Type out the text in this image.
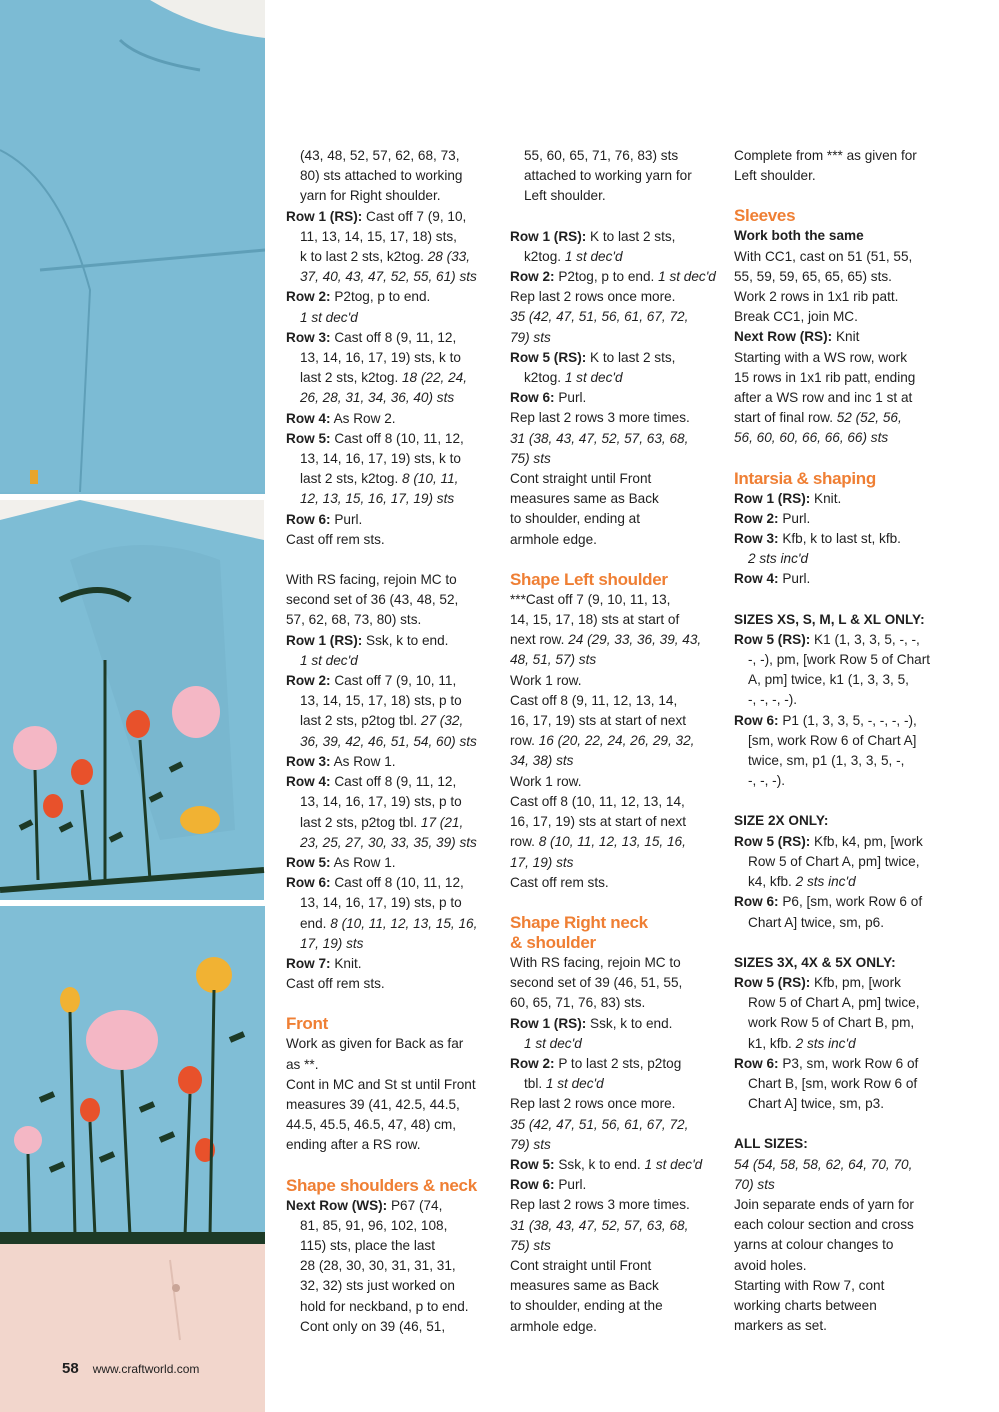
(43, 48, 52, 57, 62, 68, 73,

80) sts attached to working

yarn for Right shoulder.

Row 1 (RS): Cast off 7 (9, 10,

11, 13, 14, 15, 17, 18) sts,

k to last 2 sts, k2tog. 28 (33,

37, 40, 43, 47, 52, 55, 61) sts

Row 2: P2tog, p to end.

1 st dec'd

Row 3: Cast off 8 (9, 11, 12,

13, 14, 16, 17, 19) sts, k to

last 2 sts, k2tog. 18 (22, 24,

26, 28, 31, 34, 36, 40) sts

Row 4: As Row 2.

Row 5: Cast off 8 (10, 11, 12,

13, 14, 16, 17, 19) sts, k to

last 2 sts, k2tog. 8 (10, 11,

12, 13, 15, 16, 17, 19) sts

Row 6: Purl.

Cast off rem sts.

With RS facing, rejoin MC to

second set of 36 (43, 48, 52,

57, 62, 68, 73, 80) sts.

Row 1 (RS): Ssk, k to end.

1 st dec'd

Row 2: Cast off 7 (9, 10, 11,

13, 14, 15, 17, 18) sts, p to

last 2 sts, p2tog tbl. 27 (32,

36, 39, 42, 46, 51, 54, 60) sts

Row 3: As Row 1.

Row 4: Cast off 8 (9, 11, 12,

13, 14, 16, 17, 19) sts, p to

last 2 sts, p2tog tbl. 17 (21,

23, 25, 27, 30, 33, 35, 39) sts

Row 5: As Row 1.

Row 6: Cast off 8 (10, 11, 12,

13, 14, 16, 17, 19) sts, p to

end. 8 (10, 11, 12, 13, 15, 16,

17, 19) sts

Row 7: Knit.

Cast off rem sts.

Front

Work as given for Back as far

as **.

Cont in MC and St st until Front

measures 39 (41, 42.5, 44.5,

44.5, 45.5, 46.5, 47, 48) cm,

ending after a RS row.

Shape shoulders & neck

Next Row (WS): P67 (74,

81, 85, 91, 96, 102, 108,

115) sts, place the last

28 (28, 30, 30, 31, 31, 31,

32, 32) sts just worked on

hold for neckband, p to end.

Cont only on 39 (46, 51,

55, 60, 65, 71, 76, 83) sts

attached to working yarn for

Left shoulder.

Row 1 (RS): K to last 2 sts,

k2tog. 1 st dec'd

Row 2: P2tog, p to end. 1 st dec'd

Rep last 2 rows once more.

35 (42, 47, 51, 56, 61, 67, 72,

79) sts

Row 5 (RS): K to last 2 sts,

k2tog. 1 st dec'd

Row 6: Purl.

Rep last 2 rows 3 more times.

31 (38, 43, 47, 52, 57, 63, 68,

75) sts

Cont straight until Front

measures same as Back

to shoulder, ending at

armhole edge.

Shape Left shoulder

***Cast off 7 (9, 10, 11, 13,

14, 15, 17, 18) sts at start of

next row. 24 (29, 33, 36, 39, 43,

48, 51, 57) sts

Work 1 row.

Cast off 8 (9, 11, 12, 13, 14,

16, 17, 19) sts at start of next

row. 16 (20, 22, 24, 26, 29, 32,

34, 38) sts

Work 1 row.

Cast off 8 (10, 11, 12, 13, 14,

16, 17, 19) sts at start of next

row. 8 (10, 11, 12, 13, 15, 16,

17, 19) sts

Cast off rem sts.

Shape Right neck

& shoulder

With RS facing, rejoin MC to

second set of 39 (46, 51, 55,

60, 65, 71, 76, 83) sts.

Row 1 (RS): Ssk, k to end.

1 st dec'd

Row 2: P to last 2 sts, p2tog

tbl. 1 st dec'd

Rep last 2 rows once more.

35 (42, 47, 51, 56, 61, 67, 72,

79) sts

Row 5: Ssk, k to end. 1 st dec'd

Row 6: Purl.

Rep last 2 rows 3 more times.

31 (38, 43, 47, 52, 57, 63, 68,

75) sts

Cont straight until Front

measures same as Back

to shoulder, ending at the

armhole edge.

Complete from *** as given for

Left shoulder.

Sleeves

Work both the same

With CC1, cast on 51 (51, 55,

55, 59, 59, 65, 65, 65) sts.

Work 2 rows in 1x1 rib patt.

Break CC1, join MC.

Next Row (RS): Knit

Starting with a WS row, work

15 rows in 1x1 rib patt, ending

after a WS row and inc 1 st at

start of final row. 52 (52, 56,

56, 60, 60, 66, 66, 66) sts

Intarsia & shaping

Row 1 (RS): Knit.

Row 2: Purl.

Row 3: Kfb, k to last st, kfb.

2 sts inc'd

Row 4: Purl.

SIZES XS, S, M, L & XL ONLY:

Row 5 (RS): K1 (1, 3, 3, 5, -, -,

-, -), pm, [work Row 5 of Chart

A, pm] twice, k1 (1, 3, 3, 5,

-, -, -, -).

Row 6: P1 (1, 3, 3, 5, -, -, -, -),

[sm, work Row 6 of Chart A]

twice, sm, p1 (1, 3, 3, 5, -,

-, -, -).

SIZE 2X ONLY:

Row 5 (RS): Kfb, k4, pm, [work

Row 5 of Chart A, pm] twice,

k4, kfb. 2 sts inc'd

Row 6: P6, [sm, work Row 6 of

Chart A] twice, sm, p6.

SIZES 3X, 4X & 5X ONLY:

Row 5 (RS): Kfb, pm, [work

Row 5 of Chart A, pm] twice,

work Row 5 of Chart B, pm,

k1, kfb. 2 sts inc'd

Row 6: P3, sm, work Row 6 of

Chart B, [sm, work Row 6 of

Chart A] twice, sm, p3.

ALL SIZES:

54 (54, 58, 58, 62, 64, 70, 70,

70) sts

Join separate ends of yarn for

each colour section and cross

yarns at colour changes to

avoid holes.

Starting with Row 7, cont

working charts between

markers as set.

58 www.craftworld.com
